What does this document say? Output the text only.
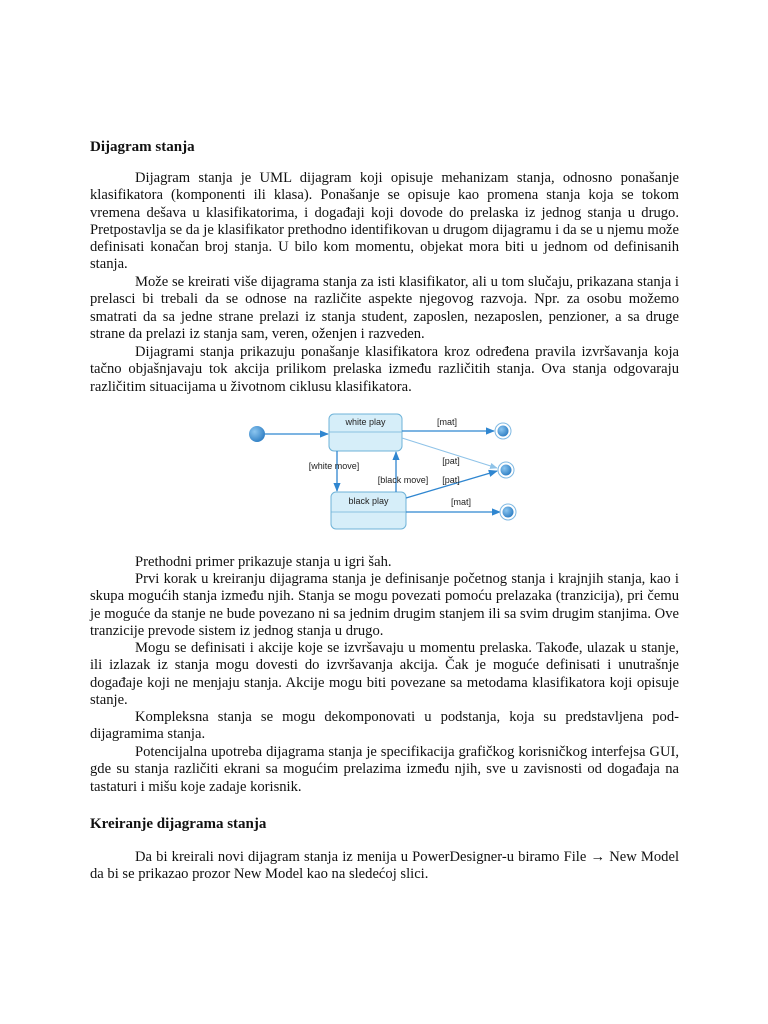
Dijagram stanja

Dijagram stanja je UML dijagram koji opisuje mehanizam stanja, odnosno ponašanje klasifikatora (komponenti ili klasa). Ponašanje se opisuje kao promena stanja koja se tokom vremena dešava u klasifikatorima, i događaji koji dovode do prelaska iz jednog stanja u drugo. Pretpostavlja se da je klasifikator prethodno identifikovan u drugom dijagramu i da se u njemu može definisati konačan broj stanja. U bilo kom momentu, objekat mora biti u jednom od definisanih stanja.

Može se kreirati više dijagrama stanja za isti klasifikator, ali u tom slučaju, prikazana stanja i prelasci bi trebali da se odnose na različite aspekte njegovog razvoja. Npr. za osobu možemo smatrati da sa jedne strane prelazi iz stanja student, zaposlen, nezaposlen, penzioner, a sa druge strane da prelazi iz stanja sam, veren, oženjen i razveden.

Dijagrami stanja prikazuju ponašanje klasifikatora kroz određena pravila izvršavanja koja tačno objašnjavaju tok akcija prilikom prelaska između različitih stanja. Ova stanja odgovaraju različitim situacijama u životnom ciklusu klasifikatora.

Prethodni primer prikazuje stanja u igri šah.

Prvi korak u kreiranju dijagrama stanja je definisanje početnog stanja i krajnjih stanja, kao i skupa mogućih stanja između njih. Stanja se mogu povezati pomoću prelazaka (tranzicija), pri čemu je moguće da stanje ne bude povezano ni sa jednim drugim stanjem ili sa svim drugim stanjima. Ove tranzicije prevode sistem iz jednog stanja u drugo.

Mogu se definisati i akcije koje se izvršavaju u momentu prelaska. Takođe, ulazak u stanje, ili izlazak iz stanja mogu dovesti do izvršavanja akcija. Čak je moguće definisati i unutrašnje događaje koji ne menjaju stanja. Akcije mogu biti povezane sa metodama klasifikatora koji opisuje stanje.

Kompleksna stanja se mogu dekomponovati u podstanja, koja su predstavljena poddijagramima stanja.

Potencijalna upotreba dijagrama stanja je specifikacija grafičkog korisničkog interfejsa GUI, gde su stanja različiti ekrani sa mogućim prelazima između njih, sve u zavisnosti od događaja na tastaturi i mišu koje zadaje korisnik.

Kreiranje dijagrama stanja

Da bi kreirali novi dijagram stanja iz menija u PowerDesigner-u biramo File → New Model da bi se prikazao prozor New Model kao na sledećoj slici.

white play
black play
[mat]
[pat]
[white move]
[black move] [pat]
[mat]
